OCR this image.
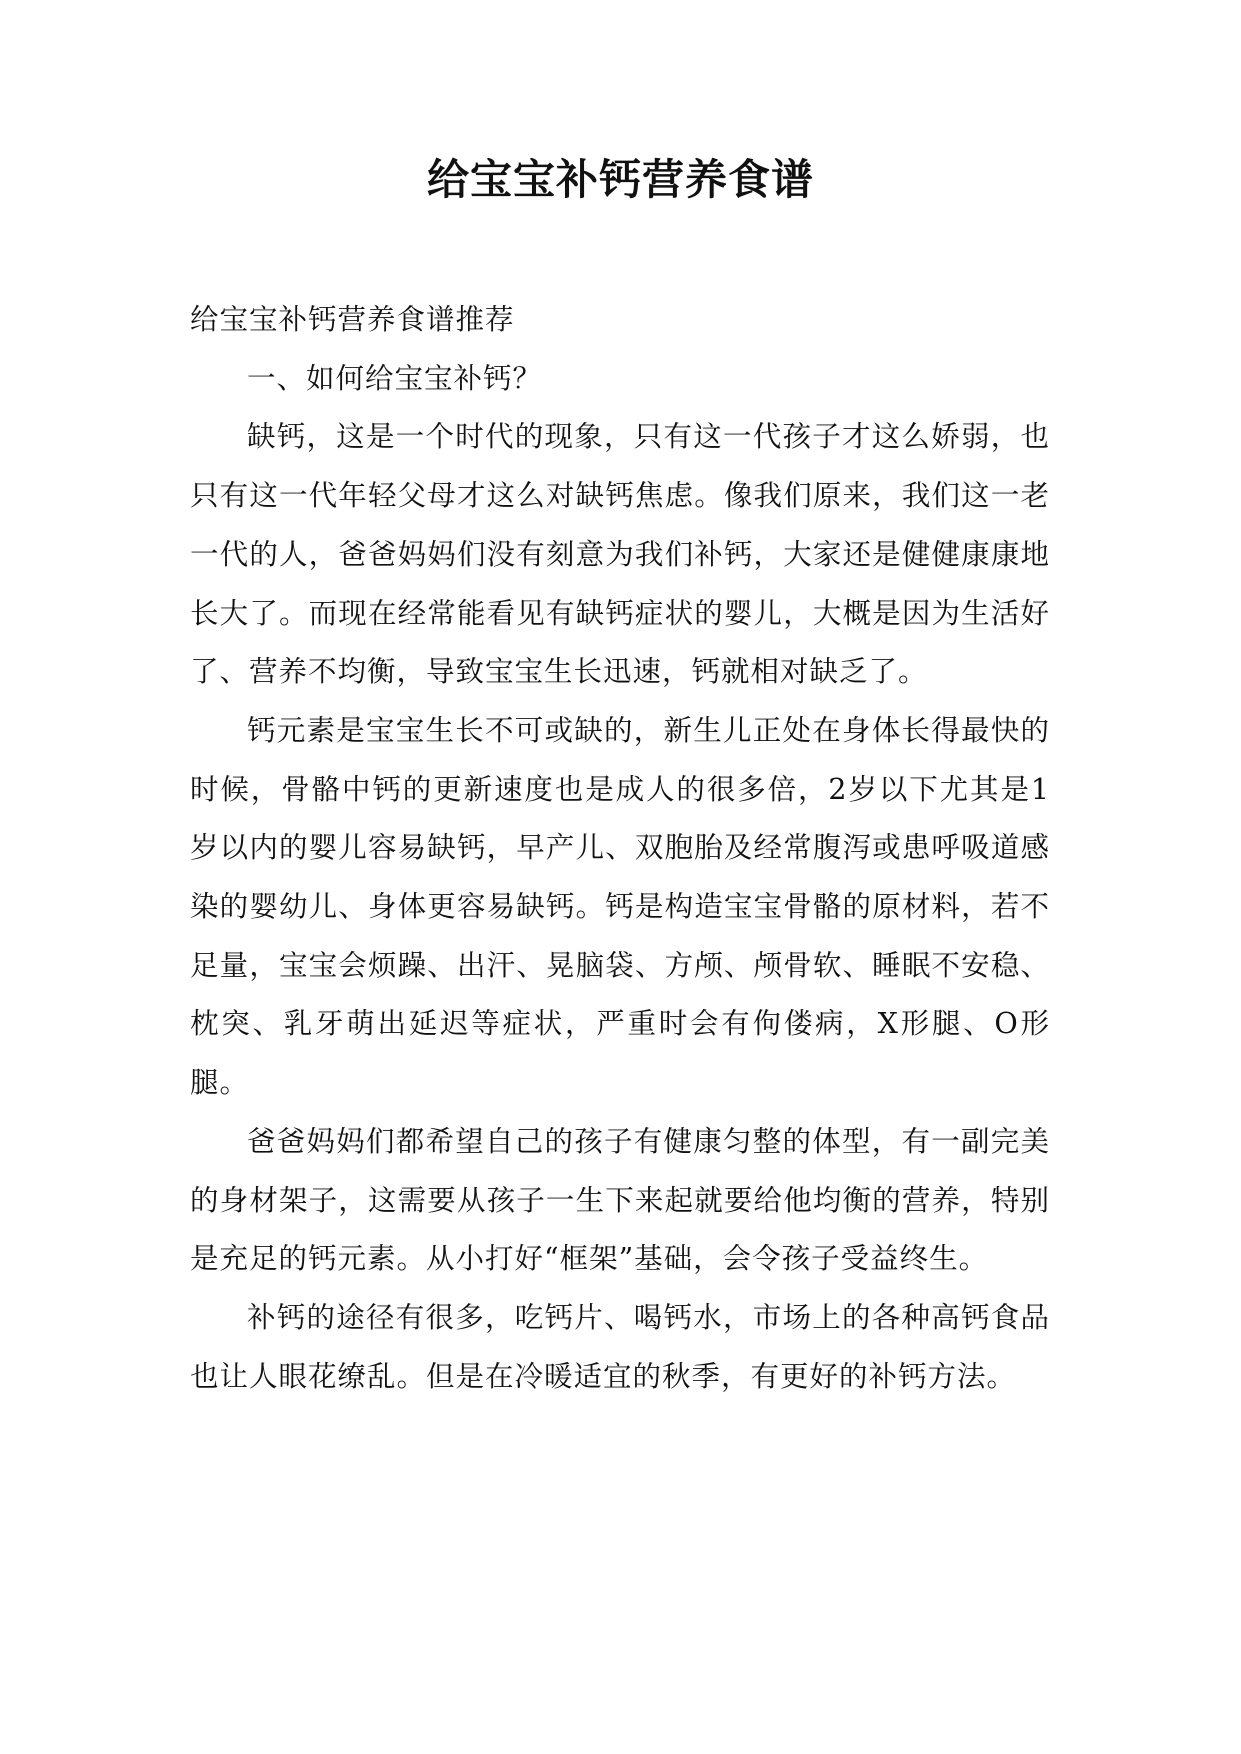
给宝宝补钙营养食谱

给宝宝补钙营养食谱推荐

一、如何给宝宝补钙？

缺钙，这是一个时代的现象，只有这一代孩子才这么娇弱，也只有这一代年轻父母才这么对缺钙焦虑。像我们原来，我们这一老一代的人，爸爸妈妈们没有刻意为我们补钙，大家还是健健康康地长大了。而现在经常能看见有缺钙症状的婴儿，大概是因为生活好了、营养不均衡，导致宝宝生长迅速，钙就相对缺乏了。

钙元素是宝宝生长不可或缺的，新生儿正处在身体长得最快的时候，骨骼中钙的更新速度也是成人的很多倍，2岁以下尤其是1岁以内的婴儿容易缺钙，早产儿、双胞胎及经常腹泻或患呼吸道感染的婴幼儿、身体更容易缺钙。钙是构造宝宝骨骼的原材料，若不足量，宝宝会烦躁、出汗、晃脑袋、方颅、颅骨软、睡眠不安稳、枕突、乳牙萌出延迟等症状，严重时会有佝偻病，X形腿、O形腿。

爸爸妈妈们都希望自己的孩子有健康匀整的体型，有一副完美的身材架子，这需要从孩子一生下来起就要给他均衡的营养，特别是充足的钙元素。从小打好“框架”基础，会令孩子受益终生。

补钙的途径有很多，吃钙片、喝钙水，市场上的各种高钙食品也让人眼花缭乱。但是在冷暖适宜的秋季，有更好的补钙方法。
